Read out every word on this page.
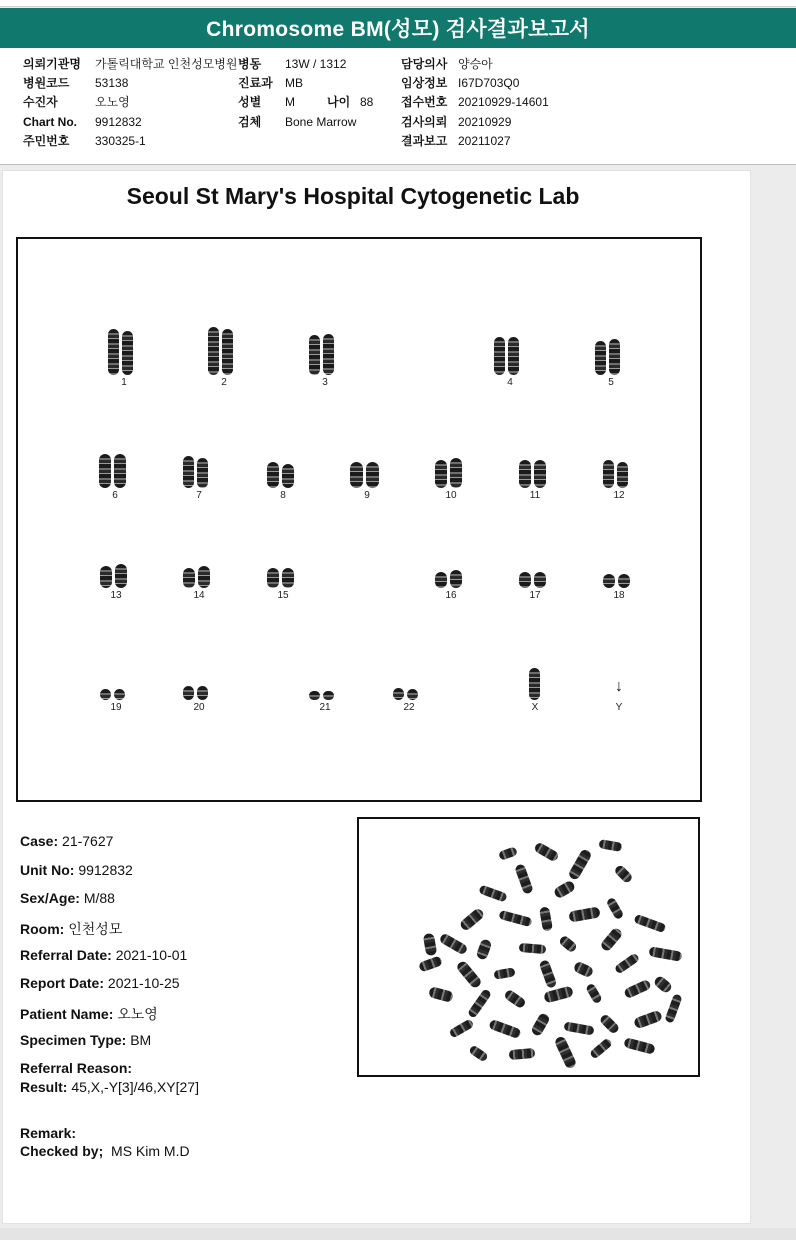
Chromosome BM(성모) 검사결과보고서
의뢰기관명 가톨릭대학교 인천성모병원 병동 13W / 1312	담당의사 양승아
병원코드 53138	진료과 MB	임상정보 I67D703Q0
수진자	오노영	성별 M	나이 88 접수번호 20210929-14601
Chart No. 9912832	검체 Bone Marrow	검사의뢰 20210929
주민번호 330325-1	결과보고 20211027
Seoul St Mary's Hospital Cytogenetic Lab
1	2	3	4	5
6	7	8	9	10	11	12
13	14	15	16	17	18
19	20	21	22	X
↓
Y
Case: 21-7627
Unit No: 9912832
Sex/Age: M/88
Room: 인천성모
Referral Date: 2021-10-01
Report Date: 2021-10-25
Patient Name: 오노영
Specimen Type: BM
Referral Reason:
Result: 45,X,-Y[3]/46,XY[27]
Remark:
Checked by; MS Kim M.D
